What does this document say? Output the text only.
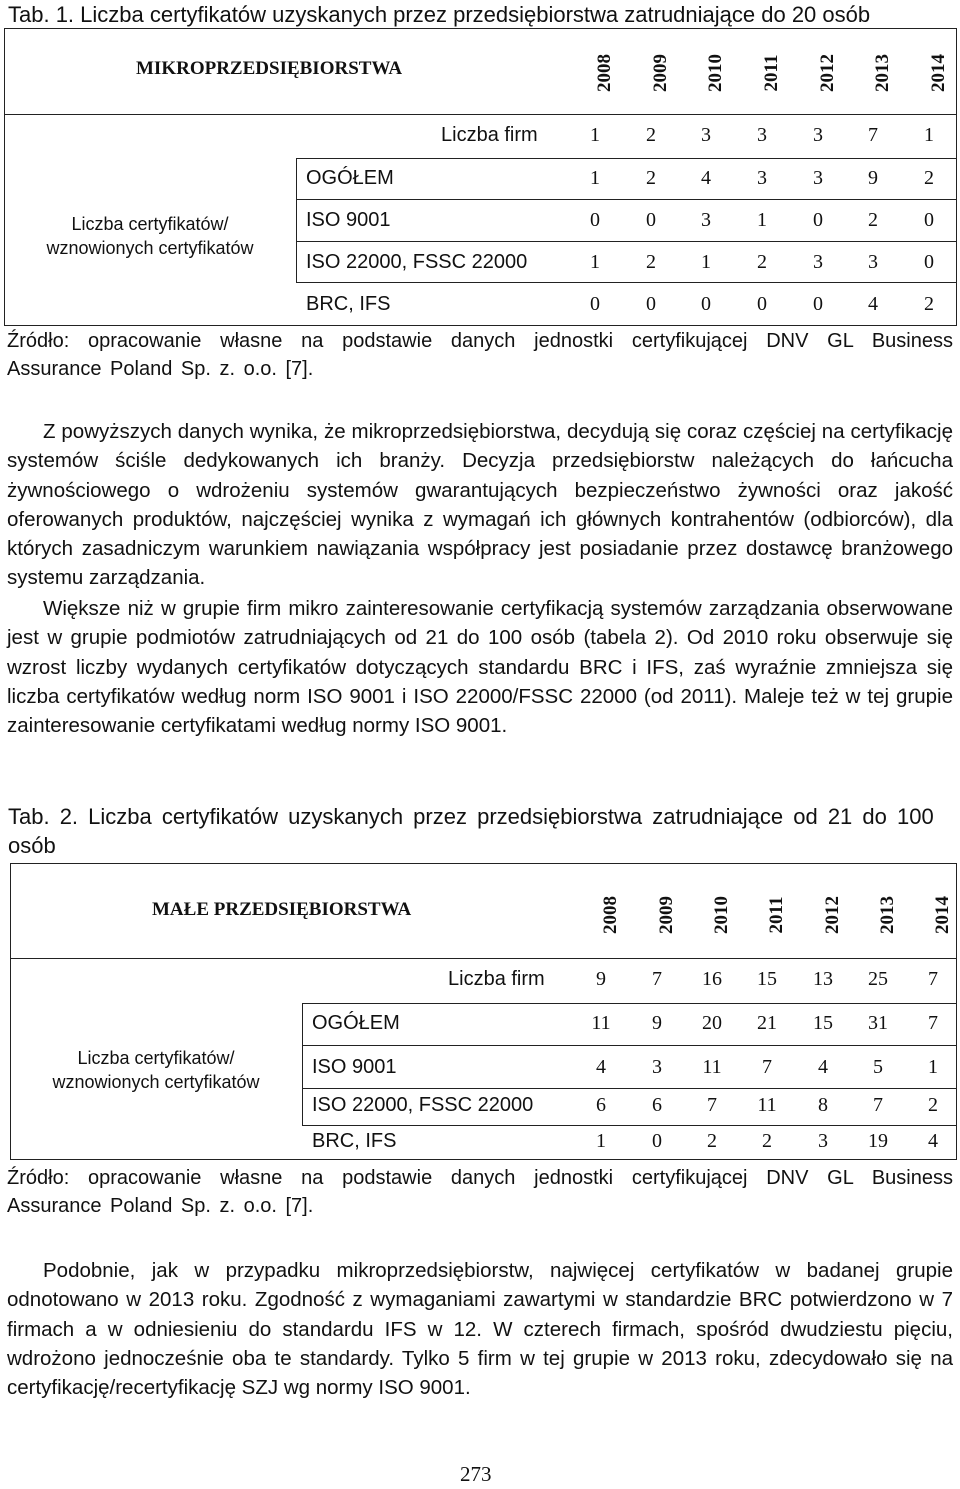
Tab. 1. Liczba certyfikatów uzyskanych przez przedsiębiorstwa zatrudniające do 20 osób
MIKROPRZEDSIĘBIORSTWA	2008 2009 2010 2011 2012 2013 2014
Liczba firm	1	2	3	3	3	7	1
Liczba certyfikatów/
wznowionych certyfikatów
OGÓŁEM	1	2	4	3	3	9	2
ISO 9001	0	0	3	1	0	2	0
ISO 22000, FSSC 22000	1	2	1	2	3	3	0
BRC, IFS	0	0	0	0	0	4	2
Źródło: opracowanie własne na podstawie danych jednostki certyfikującej DNV GL Business Assurance Poland Sp. z. o.o. [7].
Z powyższych danych wynika, że mikroprzedsiębiorstwa, decydują się coraz częściej na certyfikację systemów ściśle dedykowanych ich branży. Decyzja przedsiębiorstw należących do łańcucha żywnościowego o wdrożeniu systemów gwarantujących bezpieczeństwo żywności oraz jakość oferowanych produktów, najczęściej wynika z wymagań ich głównych kontrahentów (odbiorców), dla których zasadniczym warunkiem nawiązania współpracy jest posiadanie przez dostawcę branżowego systemu zarządzania.
Większe niż w grupie firm mikro zainteresowanie certyfikacją systemów zarządzania obserwowane jest w grupie podmiotów zatrudniających od 21 do 100 osób (tabela 2). Od 2010 roku obserwuje się wzrost liczby wydanych certyfikatów dotyczących standardu BRC i IFS, zaś wyraźnie zmniejsza się liczba certyfikatów według norm ISO 9001 i ISO 22000/FSSC 22000 (od 2011). Maleje też w tej grupie zainteresowanie certyfikatami według normy ISO 9001.
Tab. 2. Liczba certyfikatów uzyskanych przez przedsiębiorstwa zatrudniające od 21 do 100 osób
MAŁE PRZEDSIĘBIORSTWA	2008 2009 2010 2011 2012 2013 2014
Liczba firm	9	7	16	15	13	25	7
Liczba certyfikatów/
wznowionych certyfikatów
OGÓŁEM	11	9	20	21	15	31	7
ISO 9001	4	3	11	7	4	5	1
ISO 22000, FSSC 22000	6	6	7	11	8	7	2
BRC, IFS	1	0	2	2	3	19	4
Źródło: opracowanie własne na podstawie danych jednostki certyfikującej DNV GL Business Assurance Poland Sp. z. o.o. [7].
Podobnie, jak w przypadku mikroprzedsiębiorstw, najwięcej certyfikatów w badanej grupie odnotowano w 2013 roku. Zgodność z wymaganiami zawartymi w standardzie BRC potwierdzono w 7 firmach a w odniesieniu do standardu IFS w 12. W czterech firmach, spośród dwudziestu pięciu, wdrożono jednocześnie oba te standardy. Tylko 5 firm w tej grupie w 2013 roku, zdecydowało się na certyfikację/recertyfikację SZJ wg normy ISO 9001.
273
